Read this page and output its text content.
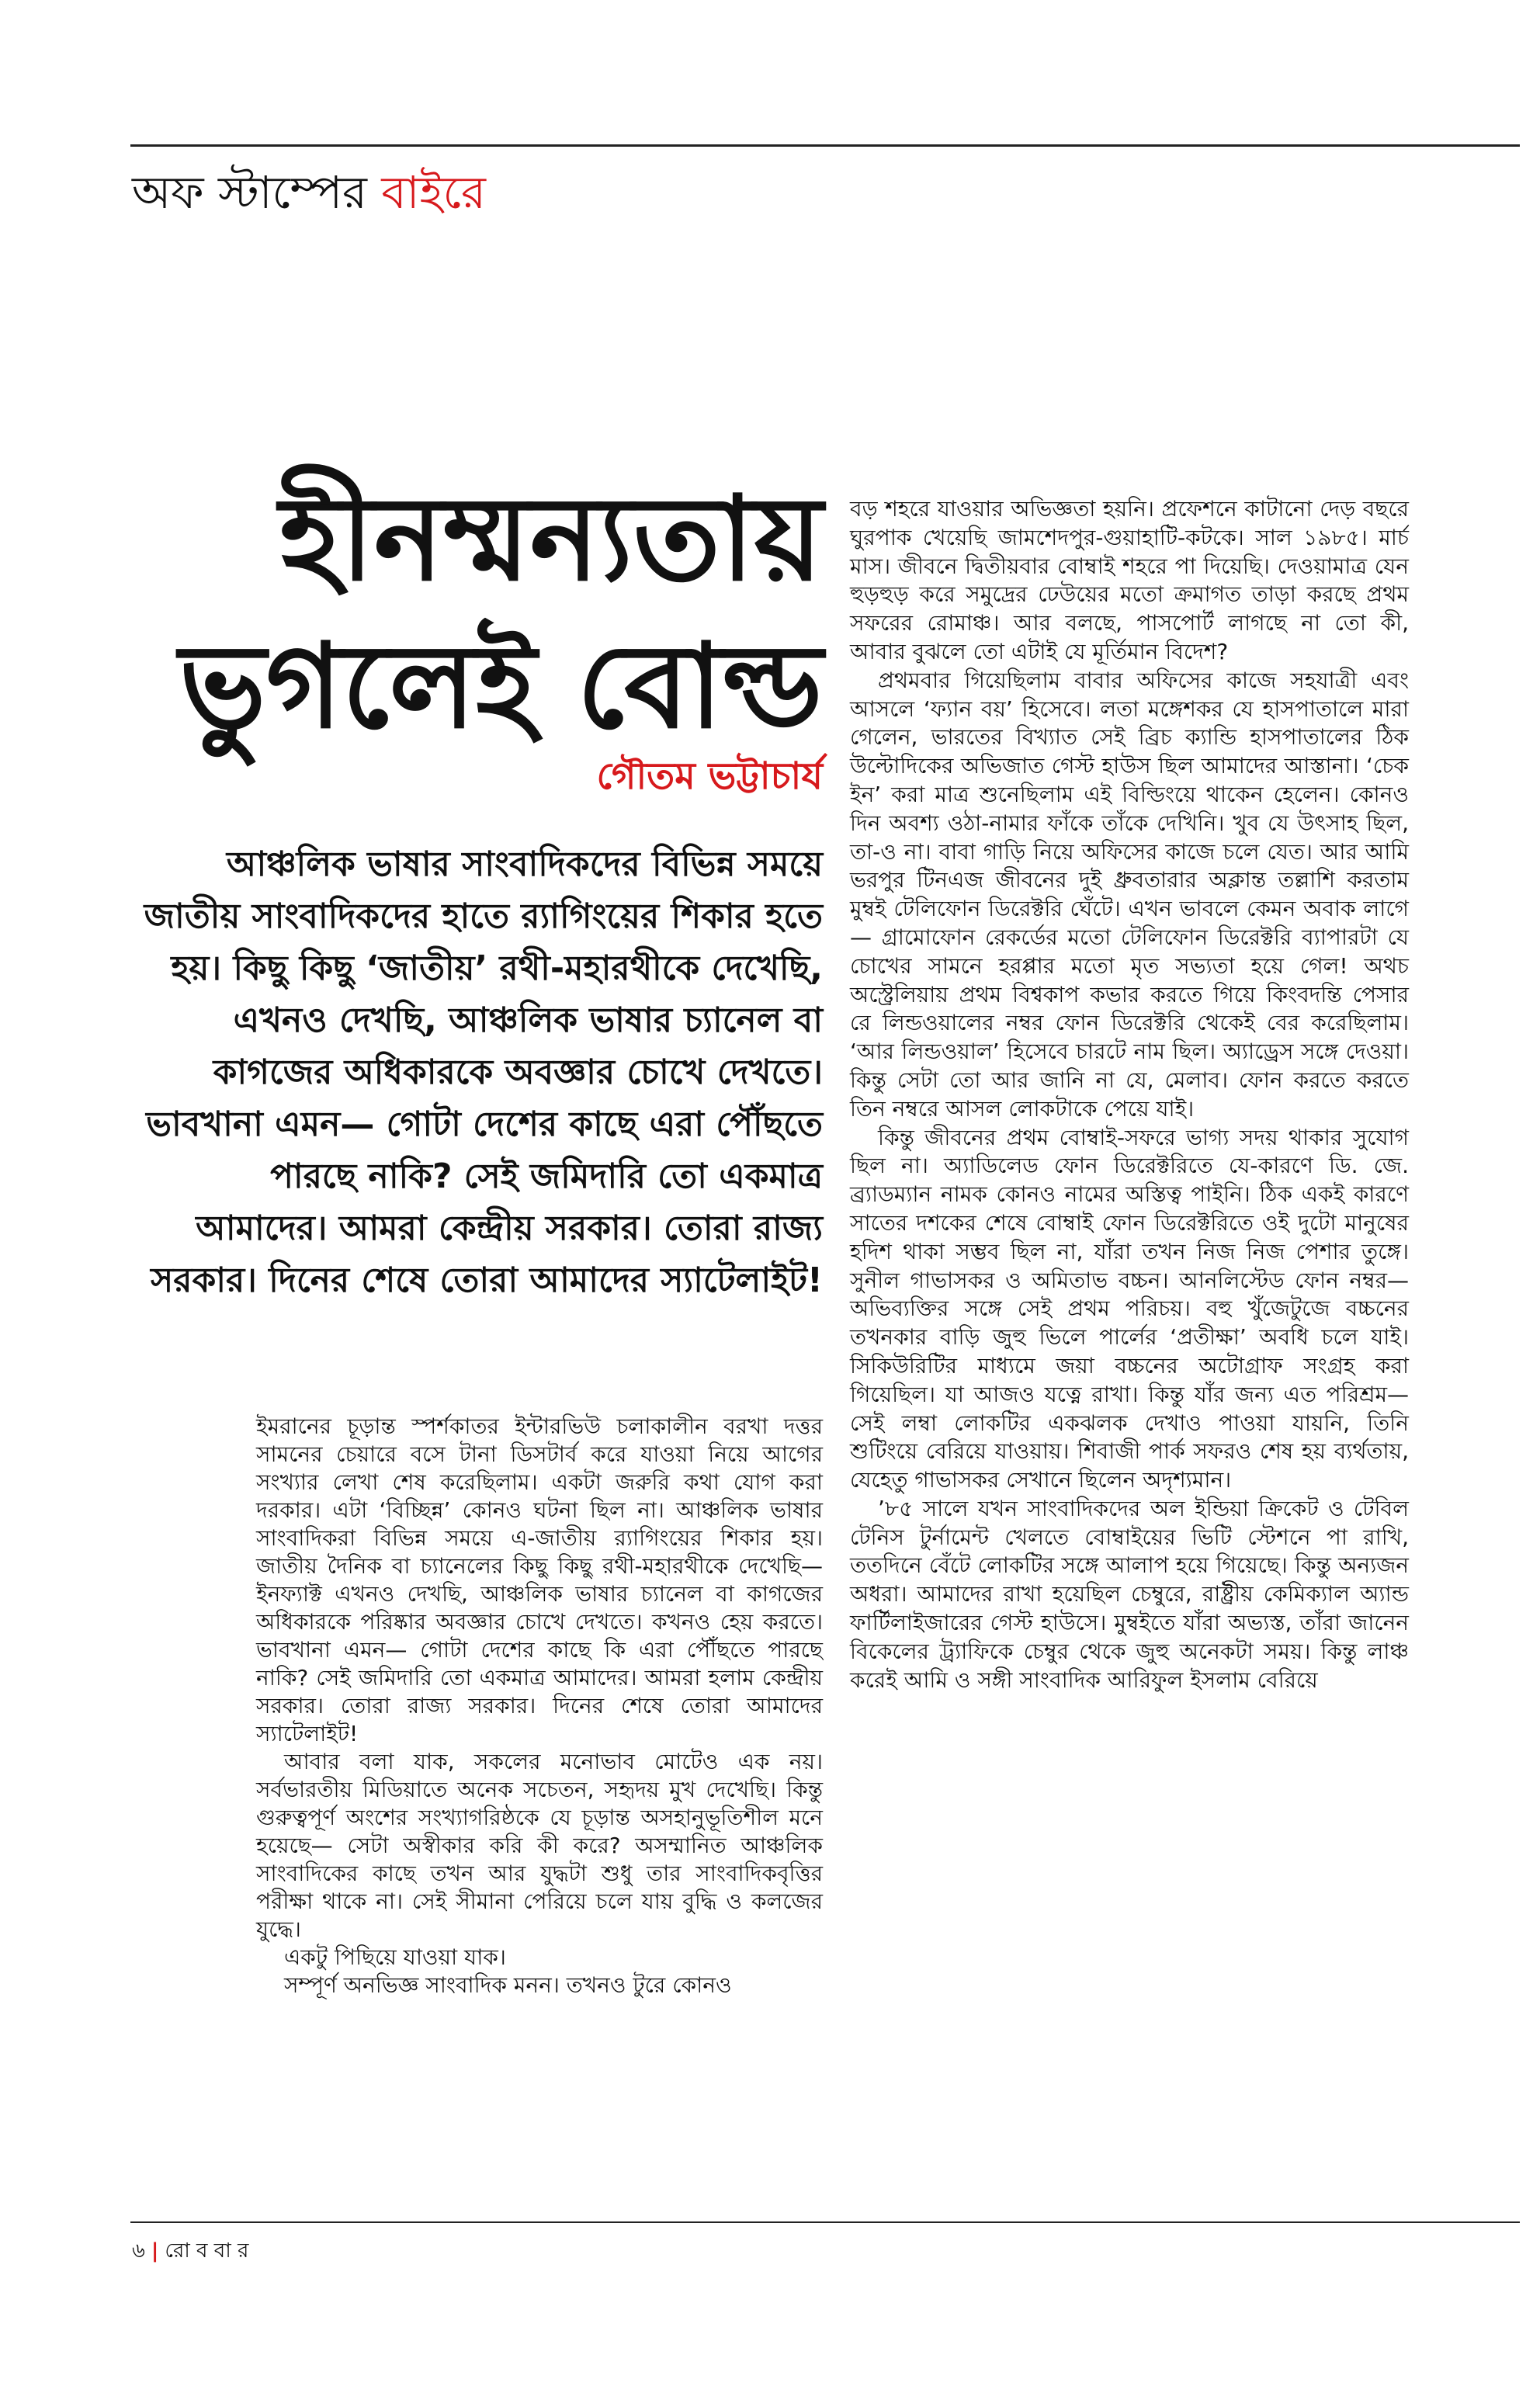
অফ স্টাম্পের বাইরে
হীনম্মন্যতায়
ভুগলেই বোল্ড
গৌতম ভট্টাচার্য
আঞ্চলিক ভাষার সাংবাদিকদের বিভিন্ন সময়ে জাতীয় সাংবাদিকদের হাতে র‌্যাগিংয়ের শিকার হতে হয়। কিছু কিছু ‘জাতীয়’ রথী-মহারথীকে দেখেছি, এখনও দেখছি, আঞ্চলিক ভাষার চ্যানেল বা কাগজের অধিকারকে অবজ্ঞার চোখে দেখতে। ভাবখানা এমন— গোটা দেশের কাছে এরা পৌঁছতে পারছে নাকি? সেই জমিদারি তো একমাত্র আমাদের। আমরা কেন্দ্রীয় সরকার। তোরা রাজ্য সরকার। দিনের শেষে তোরা আমাদের স্যাটেলাইট!

ইমরানের চূড়ান্ত স্পর্শকাতর ইন্টারভিউ চলাকালীন বরখা দত্তর সামনের চেয়ারে বসে টানা ডিসটার্ব করে যাওয়া নিয়ে আগের সংখ্যার লেখা শেষ করেছিলাম। একটা জরুরি কথা যোগ করা দরকার। এটা ‘বিচ্ছিন্ন’ কোনও ঘটনা ছিল না। আঞ্চলিক ভাষার সাংবাদিকরা বিভিন্ন সময়ে এ-জাতীয় র‌্যাগিংয়ের শিকার হয়। জাতীয় দৈনিক বা চ্যানেলের কিছু কিছু রথী-মহারথীকে দেখেছি— ইনফ্যাক্ট এখনও দেখছি, আঞ্চলিক ভাষার চ্যানেল বা কাগজের অধিকারকে পরিষ্কার অবজ্ঞার চোখে দেখতে। কখনও হেয় করতে। ভাবখানা এমন— গোটা দেশের কাছে কি এরা পৌঁছতে পারছে নাকি? সেই জমিদারি তো একমাত্র আমাদের। আমরা হলাম কেন্দ্রীয় সরকার। তোরা রাজ্য সরকার। দিনের শেষে তোরা আমাদের স্যাটেলাইট!

আবার বলা যাক, সকলের মনোভাব মোটেও এক নয়। সর্বভারতীয় মিডিয়াতে অনেক সচেতন, সহৃদয় মুখ দেখেছি। কিন্তু গুরুত্বপূর্ণ অংশের সংখ্যাগরিষ্ঠকে যে চূড়ান্ত অসহানুভূতিশীল মনে হয়েছে— সেটা অস্বীকার করি কী করে? অসম্মানিত আঞ্চলিক সাংবাদিকের কাছে তখন আর যুদ্ধটা শুধু তার সাংবাদিকবৃত্তির পরীক্ষা থাকে না। সেই সীমানা পেরিয়ে চলে যায় বুদ্ধি ও কলজের যুদ্ধে।

একটু পিছিয়ে যাওয়া যাক।

সম্পূর্ণ অনভিজ্ঞ সাংবাদিক মনন। তখনও টুরে কোনও

বড় শহরে যাওয়ার অভিজ্ঞতা হয়নি। প্রফেশনে কাটানো দেড় বছরে ঘুরপাক খেয়েছি জামশেদপুর-গুয়াহাটি-কটকে। সাল ১৯৮৫। মার্চ মাস। জীবনে দ্বিতীয়বার বোম্বাই শহরে পা দিয়েছি। দেওয়ামাত্র যেন হুড়হুড় করে সমুদ্রের ঢেউয়ের মতো ক্রমাগত তাড়া করছে প্রথম সফরের রোমাঞ্চ। আর বলছে, পাসপোর্ট লাগছে না তো কী, আবার বুঝলে তো এটাই যে মূর্তিমান বিদেশ?

প্রথমবার গিয়েছিলাম বাবার অফিসের কাজে সহযাত্রী এবং আসলে ‘ফ্যান বয়’ হিসেবে। লতা মঙ্গেশকর যে হাসপাতালে মারা গেলেন, ভারতের বিখ্যাত সেই ব্রিচ ক্যান্ডি হাসপাতালের ঠিক উল্টোদিকের অভিজাত গেস্ট হাউস ছিল আমাদের আস্তানা। ‘চেক ইন’ করা মাত্র শুনেছিলাম এই বিল্ডিংয়ে থাকেন হেলেন। কোনও দিন অবশ্য ওঠা-নামার ফাঁকে তাঁকে দেখিনি। খুব যে উৎসাহ ছিল, তা-ও না। বাবা গাড়ি নিয়ে অফিসের কাজে চলে যেত। আর আমি ভরপুর টিনএজ জীবনের দুই ধ্রুবতারার অক্লান্ত তল্লাশি করতাম মুম্বই টেলিফোন ডিরেক্টরি ঘেঁটে। এখন ভাবলে কেমন অবাক লাগে— গ্রামোফোন রেকর্ডের মতো টেলিফোন ডিরেক্টরি ব্যাপারটা যে চোখের সামনে হরপ্পার মতো মৃত সভ্যতা হয়ে গেল! অথচ অস্ট্রেলিয়ায় প্রথম বিশ্বকাপ কভার করতে গিয়ে কিংবদন্তি পেসার রে লিন্ডওয়ালের নম্বর ফোন ডিরেক্টরি থেকেই বের করেছিলাম। ‘আর লিন্ডওয়াল’ হিসেবে চারটে নাম ছিল। অ্যাড্রেস সঙ্গে দেওয়া। কিন্তু সেটা তো আর জানি না যে, মেলাব। ফোন করতে করতে তিন নম্বরে আসল লোকটাকে পেয়ে যাই।

কিন্তু জীবনের প্রথম বোম্বাই-সফরে ভাগ্য সদয় থাকার সুযোগ ছিল না। অ্যাডিলেড ফোন ডিরেক্টরিতে যে-কারণে ডি. জে. ব্র্যাডম্যান নামক কোনও নামের অস্তিত্ব পাইনি। ঠিক একই কারণে সাতের দশকের শেষে বোম্বাই ফোন ডিরেক্টরিতে ওই দুটো মানুষের হদিশ থাকা সম্ভব ছিল না, যাঁরা তখন নিজ নিজ পেশার তুঙ্গে। সুনীল গাভাসকর ও অমিতাভ বচ্চন। আনলিস্টেড ফোন নম্বর— অভিব্যক্তির সঙ্গে সেই প্রথম পরিচয়। বহু খুঁজেটুজে বচ্চনের তখনকার বাড়ি জুহু ভিলে পার্লের ‘প্রতীক্ষা’ অবধি চলে যাই। সিকিউরিটির মাধ্যমে জয়া বচ্চনের অটোগ্রাফ সংগ্রহ করা গিয়েছিল। যা আজও যত্নে রাখা। কিন্তু যাঁর জন্য এত পরিশ্রম— সেই লম্বা লোকটির একঝলক দেখাও পাওয়া যায়নি, তিনি শুটিংয়ে বেরিয়ে যাওয়ায়। শিবাজী পার্ক সফরও শেষ হয় ব্যর্থতায়, যেহেতু গাভাসকর সেখানে ছিলেন অদৃশ্যমান।

’৮৫ সালে যখন সাংবাদিকদের অল ইন্ডিয়া ক্রিকেট ও টেবিল টেনিস টুর্নামেন্ট খেলতে বোম্বাইয়ের ভিটি স্টেশনে পা রাখি, ততদিনে বেঁটে লোকটির সঙ্গে আলাপ হয়ে গিয়েছে। কিন্তু অন্যজন অধরা। আমাদের রাখা হয়েছিল চেম্বুরে, রাষ্ট্রীয় কেমিক্যাল অ্যান্ড ফার্টিলাইজারের গেস্ট হাউসে। মুম্বইতে যাঁরা অভ্যস্ত, তাঁরা জানেন বিকেলের ট্র্যাফিকে চেম্বুর থেকে জুহু অনেকটা সময়। কিন্তু লাঞ্চ করেই আমি ও সঙ্গী সাংবাদিক আরিফুল ইসলাম বেরিয়ে

৬ | রো ব বা র
